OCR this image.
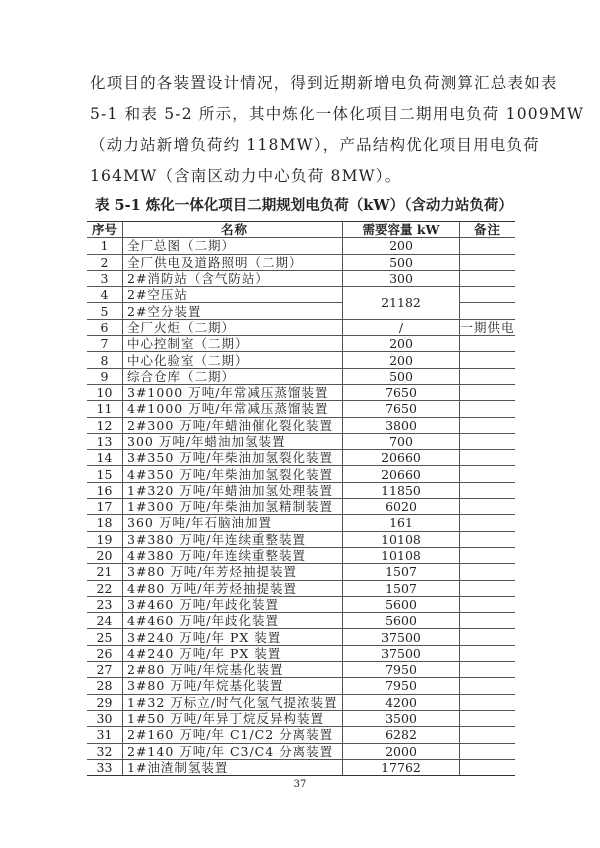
化项目的各装置设计情况，得到近期新增电负荷测算汇总表如表
5-1 和表 5-2 所示，其中炼化一体化项目二期用电负荷 1009MW
（动力站新增负荷约 118MW），产品结构优化项目用电负荷
164MW（含南区动力中心负荷 8MW）。
表 5-1 炼化一体化项目二期规划电负荷（kW）（含动力站负荷）
序号	名称	需要容量 kW	备注
1	全厂总图（二期）	200	
2	全厂供电及道路照明（二期）	500	
3	2#消防站（含气防站）	300	
4	2#空压站	21182	
5	2#空分装置		
6	全厂火炬（二期）	/	一期供电
7	中心控制室（二期）	200	
8	中心化验室（二期）	200	
9	综合仓库（二期）	500	
10	3#1000 万吨/年常减压蒸馏装置	7650	
11	4#1000 万吨/年常减压蒸馏装置	7650	
12	2#300 万吨/年蜡油催化裂化装置	3800	
13	300 万吨/年蜡油加氢装置	700	
14	3#350 万吨/年柴油加氢裂化装置	20660	
15	4#350 万吨/年柴油加氢裂化装置	20660	
16	1#320 万吨/年蜡油加氢处理装置	11850	
17	1#300 万吨/年柴油加氢精制装置	6020	
18	360 万吨/年石脑油加置	161	
19	3#380 万吨/年连续重整装置	10108	
20	4#380 万吨/年连续重整装置	10108	
21	3#80 万吨/年芳烃抽提装置	1507	
22	4#80 万吨/年芳烃抽提装置	1507	
23	3#460 万吨/年歧化装置	5600	
24	4#460 万吨/年歧化装置	5600	
25	3#240 万吨/年 PX 装置	37500	
26	4#240 万吨/年 PX 装置	37500	
27	2#80 万吨/年烷基化装置	7950	
28	3#80 万吨/年烷基化装置	7950	
29	1#32 万标立/时气化氢气提浓装置	4200	
30	1#50 万吨/年异丁烷反异构装置	3500	
31	2#160 万吨/年 C1/C2 分离装置	6282	
32	2#140 万吨/年 C3/C4 分离装置	2000	
33	1#油渣制氢装置	17762	
37
